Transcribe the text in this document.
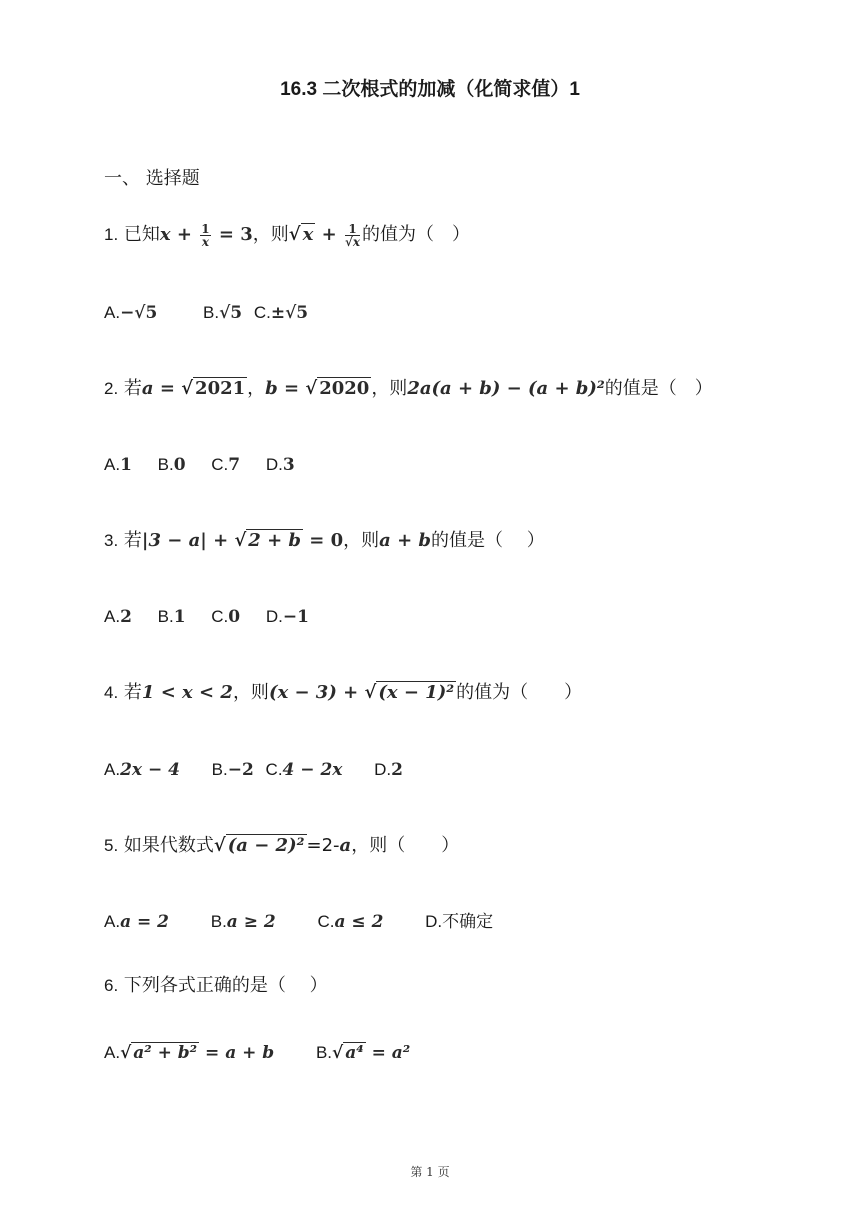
16.3 二次根式的加减（化简求值）1
一、 选择题
1. 已知$x + \frac{1}{x} = 3$，则√ $x + \frac{1}{√x}$ 的值为（　）
A.−√5	B.√5 C.±√5
2. 若a = √ 2021 ，b = √ 2020 ，则2a(a + b) − (a + b)²的值是（　）
A.1 B.0 C.7 D.3
3. 若|3 − a| + √ 2 + b = 0，则a + b的值是（　 ）
A.2 B.1 C.0 D.−1
4. 若1 < x < 2，则(x − 3) + √ (x − 1)² 的值为（　　）
A.2x − 4 B.−2 C.4 − 2x D.2
5. 如果代数式√ (a − 2)² =2-a，则（　　）
A.a = 2 B.a ≥ 2 C.a ≤ 2 D.不确定
6. 下列各式正确的是（　 ）
A.√ a² + b² = a + b B.√ a⁴ = a²
第 1 页
